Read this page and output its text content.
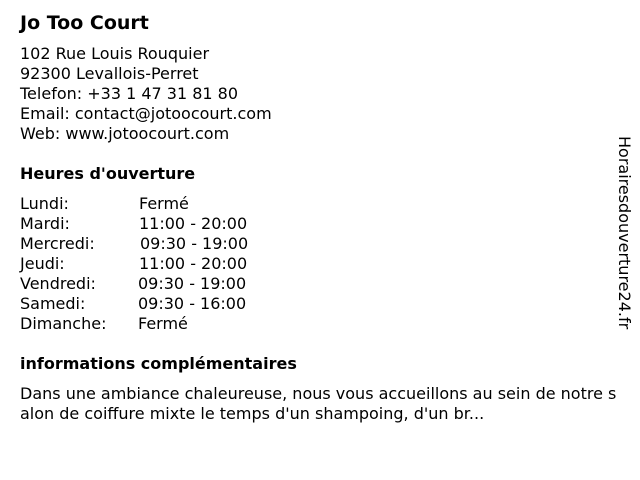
Jo Too Court
102 Rue Louis Rouquier
92300 Levallois-Perret
Telefon: +33 1 47 31 81 80
Email: contact@jotoocourt.com
Web: www.jotoocourt.com
Heures d'ouverture
Lundi:	Fermé
Mardi:	11:00 - 20:00
Mercredi:	09:30 - 19:00
Jeudi:	11:00 - 20:00
Vendredi:	09:30 - 19:00
Samedi:	09:30 - 16:00
Dimanche: Fermé
informations complémentaires

Dans une ambiance chaleureuse, nous vous accueillons au sein de notre salon de coiffure mixte le temps d'un shampoing, d'un br...

Horairesdouverture24.fr
